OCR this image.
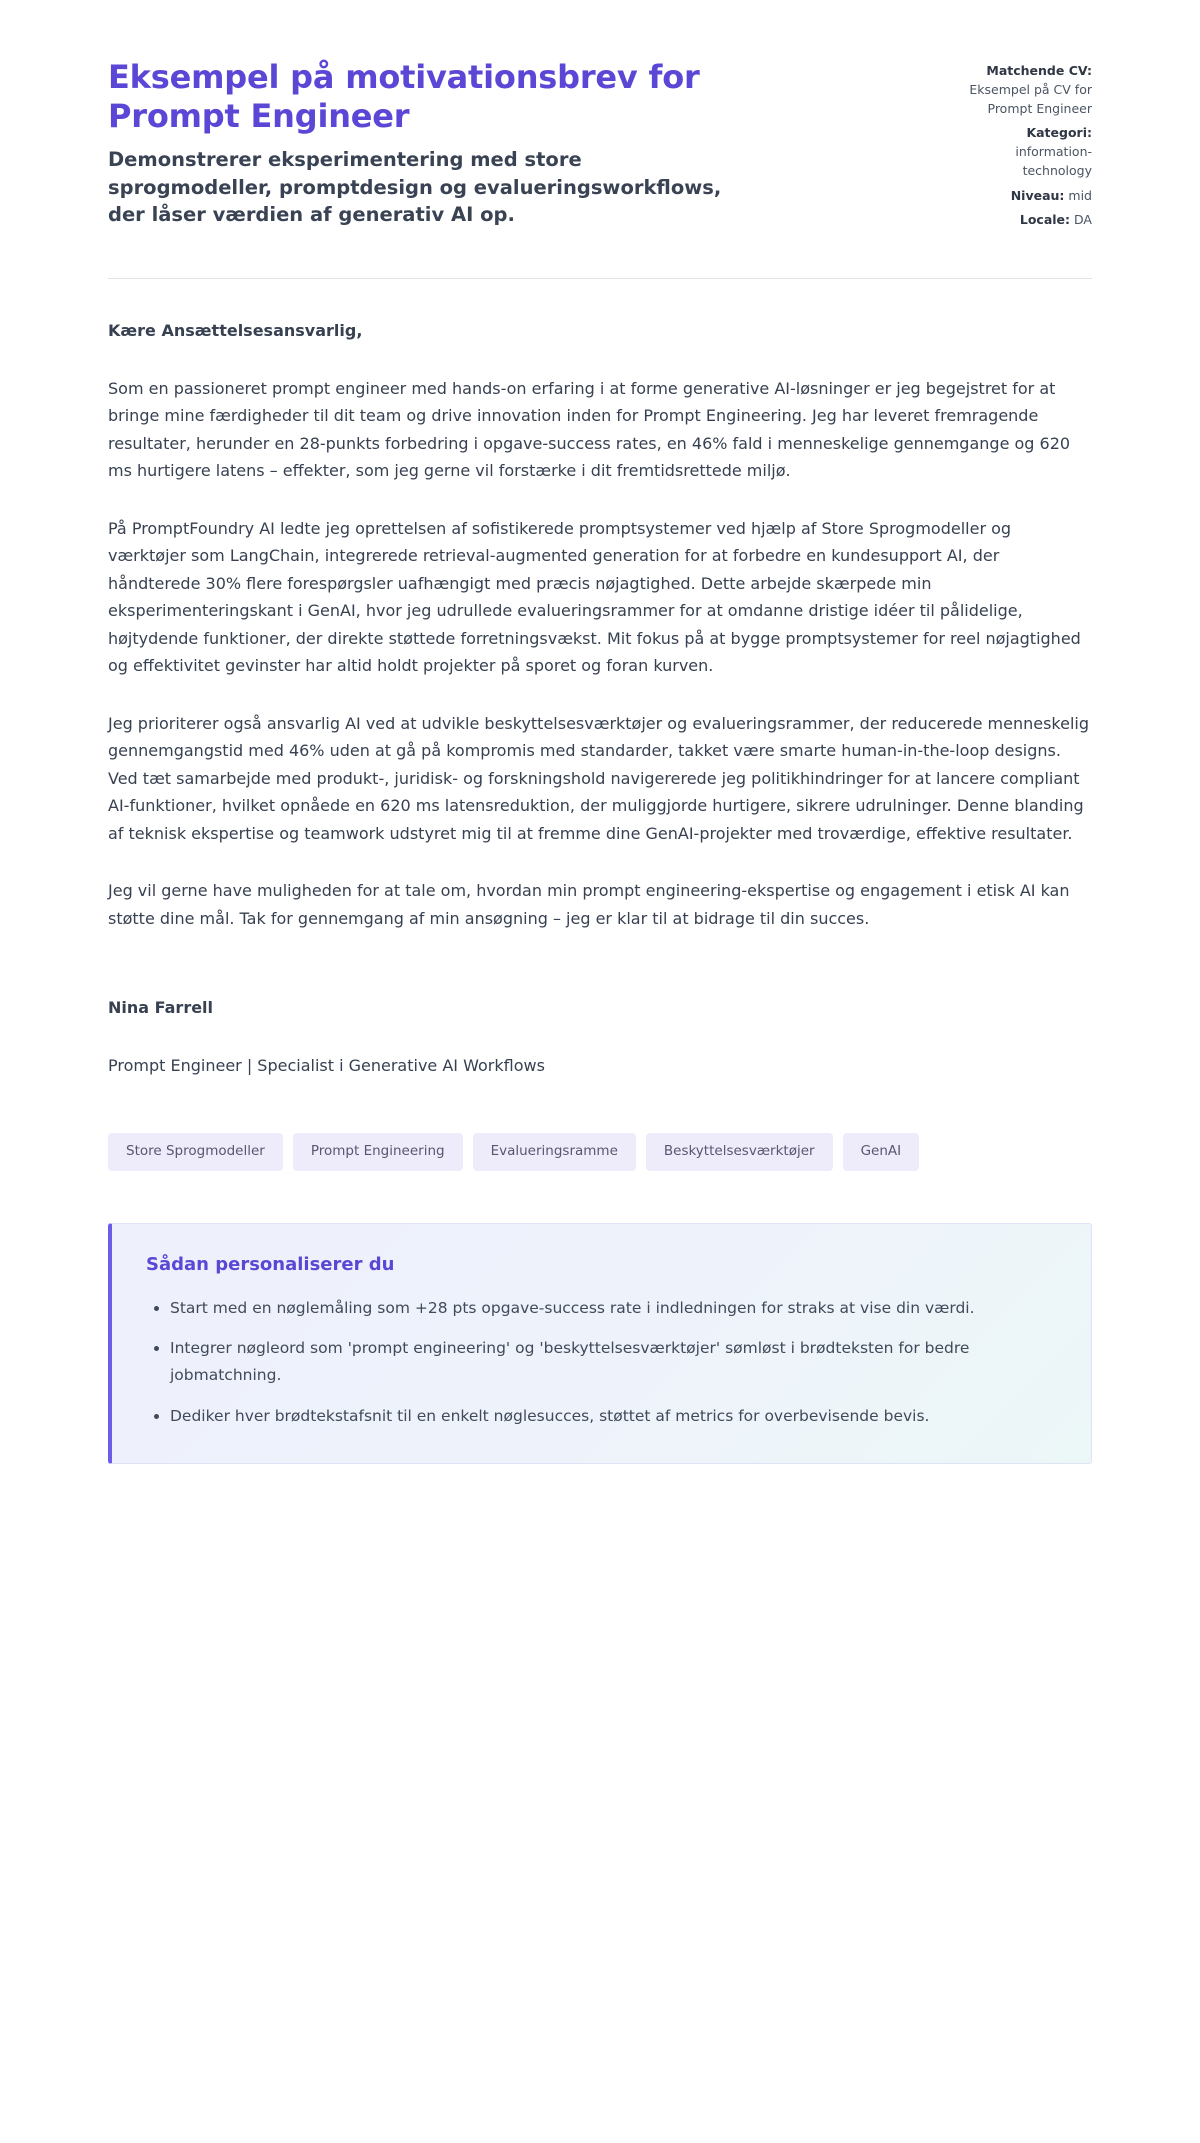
Eksempel på motivationsbrev for Prompt Engineer

Demonstrerer eksperimentering med store sprogmodeller, promptdesign og evalueringsworkflows, der låser værdien af generativ AI op.

Matchende CV:
Eksempel på CV for
Prompt Engineer
Kategori:
information-
technology
Niveau: mid
Locale: DA

Kære Ansættelsesansvarlig,

Som en passioneret prompt engineer med hands-on erfaring i at forme generative AI-løsninger er jeg begejstret for at bringe mine færdigheder til dit team og drive innovation inden for Prompt Engineering. Jeg har leveret fremragende resultater, herunder en 28-punkts forbedring i opgave-success rates, en 46% fald i menneskelige gennemgange og 620 ms hurtigere latens – effekter, som jeg gerne vil forstærke i dit fremtidsrettede miljø.

På PromptFoundry AI ledte jeg oprettelsen af sofistikerede promptsystemer ved hjælp af Store Sprogmodeller og værktøjer som LangChain, integrerede retrieval-augmented generation for at forbedre en kundesupport AI, der håndterede 30% flere forespørgsler uafhængigt med præcis nøjagtighed. Dette arbejde skærpede min eksperimenteringskant i GenAI, hvor jeg udrullede evalueringsrammer for at omdanne dristige idéer til pålidelige, højtydende funktioner, der direkte støttede forretningsvækst. Mit fokus på at bygge promptsystemer for reel nøjagtighed og effektivitet gevinster har altid holdt projekter på sporet og foran kurven.

Jeg prioriterer også ansvarlig AI ved at udvikle beskyttelsesværktøjer og evalueringsrammer, der reducerede menneskelig gennemgangstid med 46% uden at gå på kompromis med standarder, takket være smarte human-in-the-loop designs. Ved tæt samarbejde med produkt-, juridisk- og forskningshold navigererede jeg politikhindringer for at lancere compliant AI-funktioner, hvilket opnåede en 620 ms latensreduktion, der muliggjorde hurtigere, sikrere udrulninger. Denne blanding af teknisk ekspertise og teamwork udstyret mig til at fremme dine GenAI-projekter med troværdige, effektive resultater.

Jeg vil gerne have muligheden for at tale om, hvordan min prompt engineering-ekspertise og engagement i etisk AI kan støtte dine mål. Tak for gennemgang af min ansøgning – jeg er klar til at bidrage til din succes.

Nina Farrell

Prompt Engineer | Specialist i Generative AI Workflows

Store Sprogmodeller	Prompt Engineering	Evalueringsramme	Beskyttelsesværktøjer	GenAI
Sådan personaliserer du
• Start med en nøglemåling som +28 pts opgave-success rate i indledningen for straks at vise din værdi.
• Integrer nøgleord som 'prompt engineering' og 'beskyttelsesværktøjer' sømløst i brødteksten for bedre jobmatchning.
• Dediker hver brødtekstafsnit til en enkelt nøglesucces, støttet af metrics for overbevisende bevis.
